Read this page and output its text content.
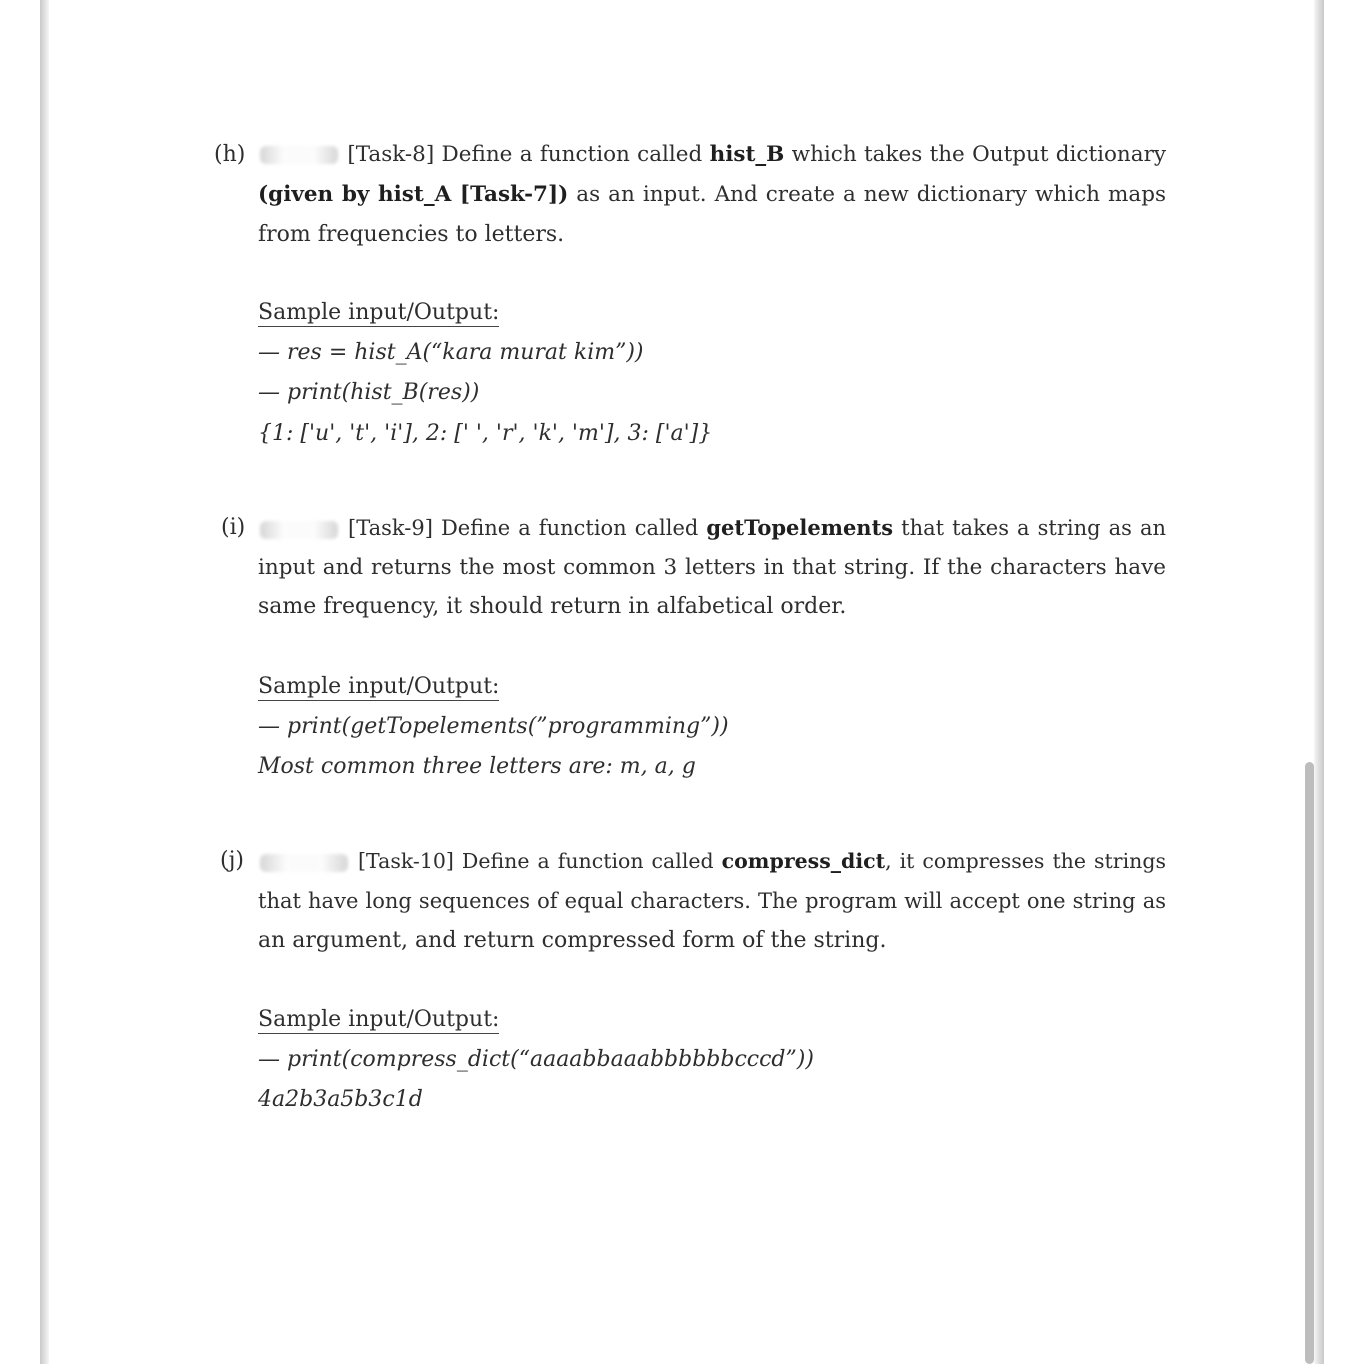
(h)	[Task-8] Define a function called hist_B which takes the Output dictionary
(given by hist_A [Task-7]) as an input. And create a new dictionary which maps
from frequencies to letters.
Sample input/Output:
— res = hist_A(“kara murat kim”))
— print(hist_B(res))
{1: ['u', 't', 'i'], 2: [' ', 'r', 'k', 'm'], 3: ['a']}
(i)	[Task-9] Define a function called getTopelements that takes a string as an
input and returns the most common 3 letters in that string. If the characters have
same frequency, it should return in alfabetical order.
Sample input/Output:
— print(getTopelements(”programming”))
Most common three letters are: m, a, g
(j)	[Task-10] Define a function called compress_dict, it compresses the strings
that have long sequences of equal characters. The program will accept one string as
an argument, and return compressed form of the string.
Sample input/Output:
— print(compress_dict(“aaaabbaaabbbbbbcccd”))
4a2b3a5b3c1d
